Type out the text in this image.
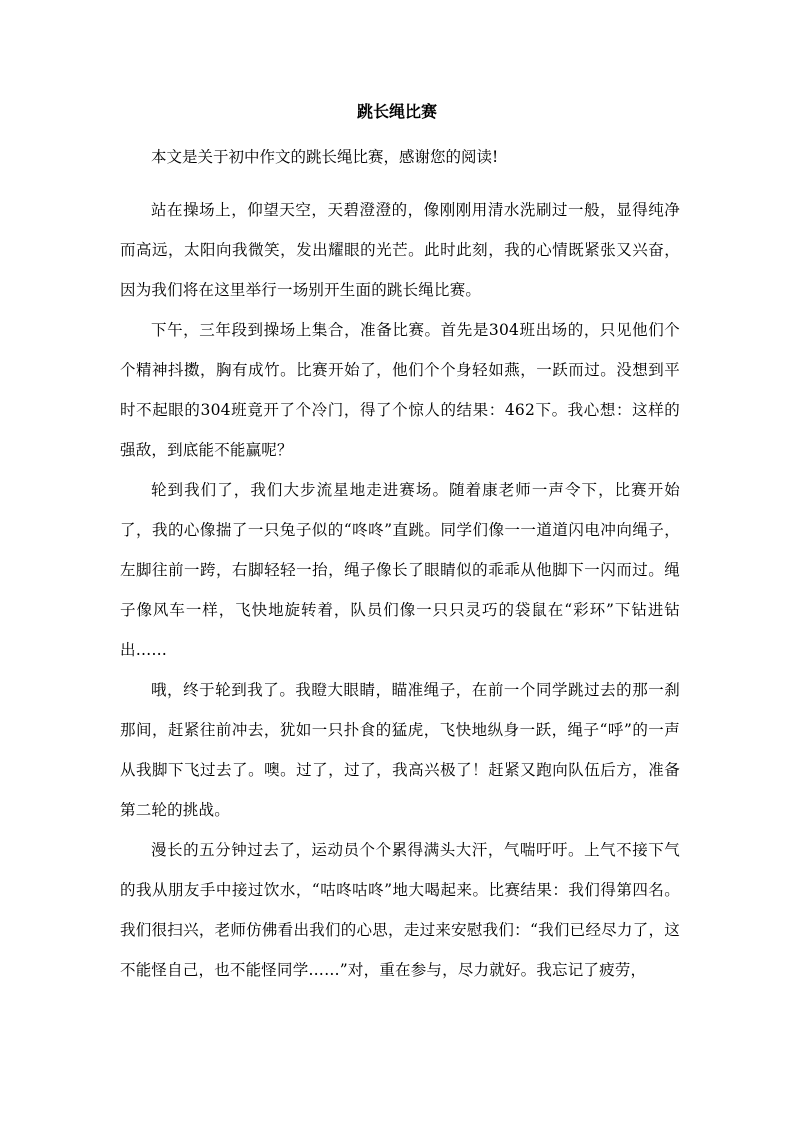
跳长绳比赛
本文是关于初中作文的跳长绳比赛，感谢您的阅读!

站在操场上，仰望天空，天碧澄澄的，像刚刚用清水洗刷过一般，显得纯净而高远，太阳向我微笑，发出耀眼的光芒。此时此刻，我的心情既紧张又兴奋，因为我们将在这里举行一场别开生面的跳长绳比赛。

下午，三年段到操场上集合，准备比赛。首先是304班出场的，只见他们个个精神抖擞，胸有成竹。比赛开始了，他们个个身轻如燕，一跃而过。没想到平时不起眼的304班竟开了个冷门，得了个惊人的结果：462下。我心想：这样的强敌，到底能不能赢呢？

轮到我们了，我们大步流星地走进赛场。随着康老师一声令下，比赛开始了，我的心像揣了一只兔子似的“咚咚”直跳。同学们像一一道道闪电冲向绳子，左脚往前一跨，右脚轻轻一抬，绳子像长了眼睛似的乖乖从他脚下一闪而过。绳子像风车一样，飞快地旋转着，队员们像一只只灵巧的袋鼠在“彩环”下钻进钻出……

哦，终于轮到我了。我瞪大眼睛，瞄准绳子，在前一个同学跳过去的那一刹那间，赶紧往前冲去，犹如一只扑食的猛虎，飞快地纵身一跃，绳子“呼”的一声从我脚下飞过去了。噢。过了，过了，我高兴极了！赶紧又跑向队伍后方，准备第二轮的挑战。

漫长的五分钟过去了，运动员个个累得满头大汗，气喘吁吁。上气不接下气的我从朋友手中接过饮水，“咕咚咕咚”地大喝起来。比赛结果：我们得第四名。我们很扫兴，老师仿佛看出我们的心思，走过来安慰我们：“我们已经尽力了，这不能怪自己，也不能怪同学……”对，重在参与，尽力就好。我忘记了疲劳，
